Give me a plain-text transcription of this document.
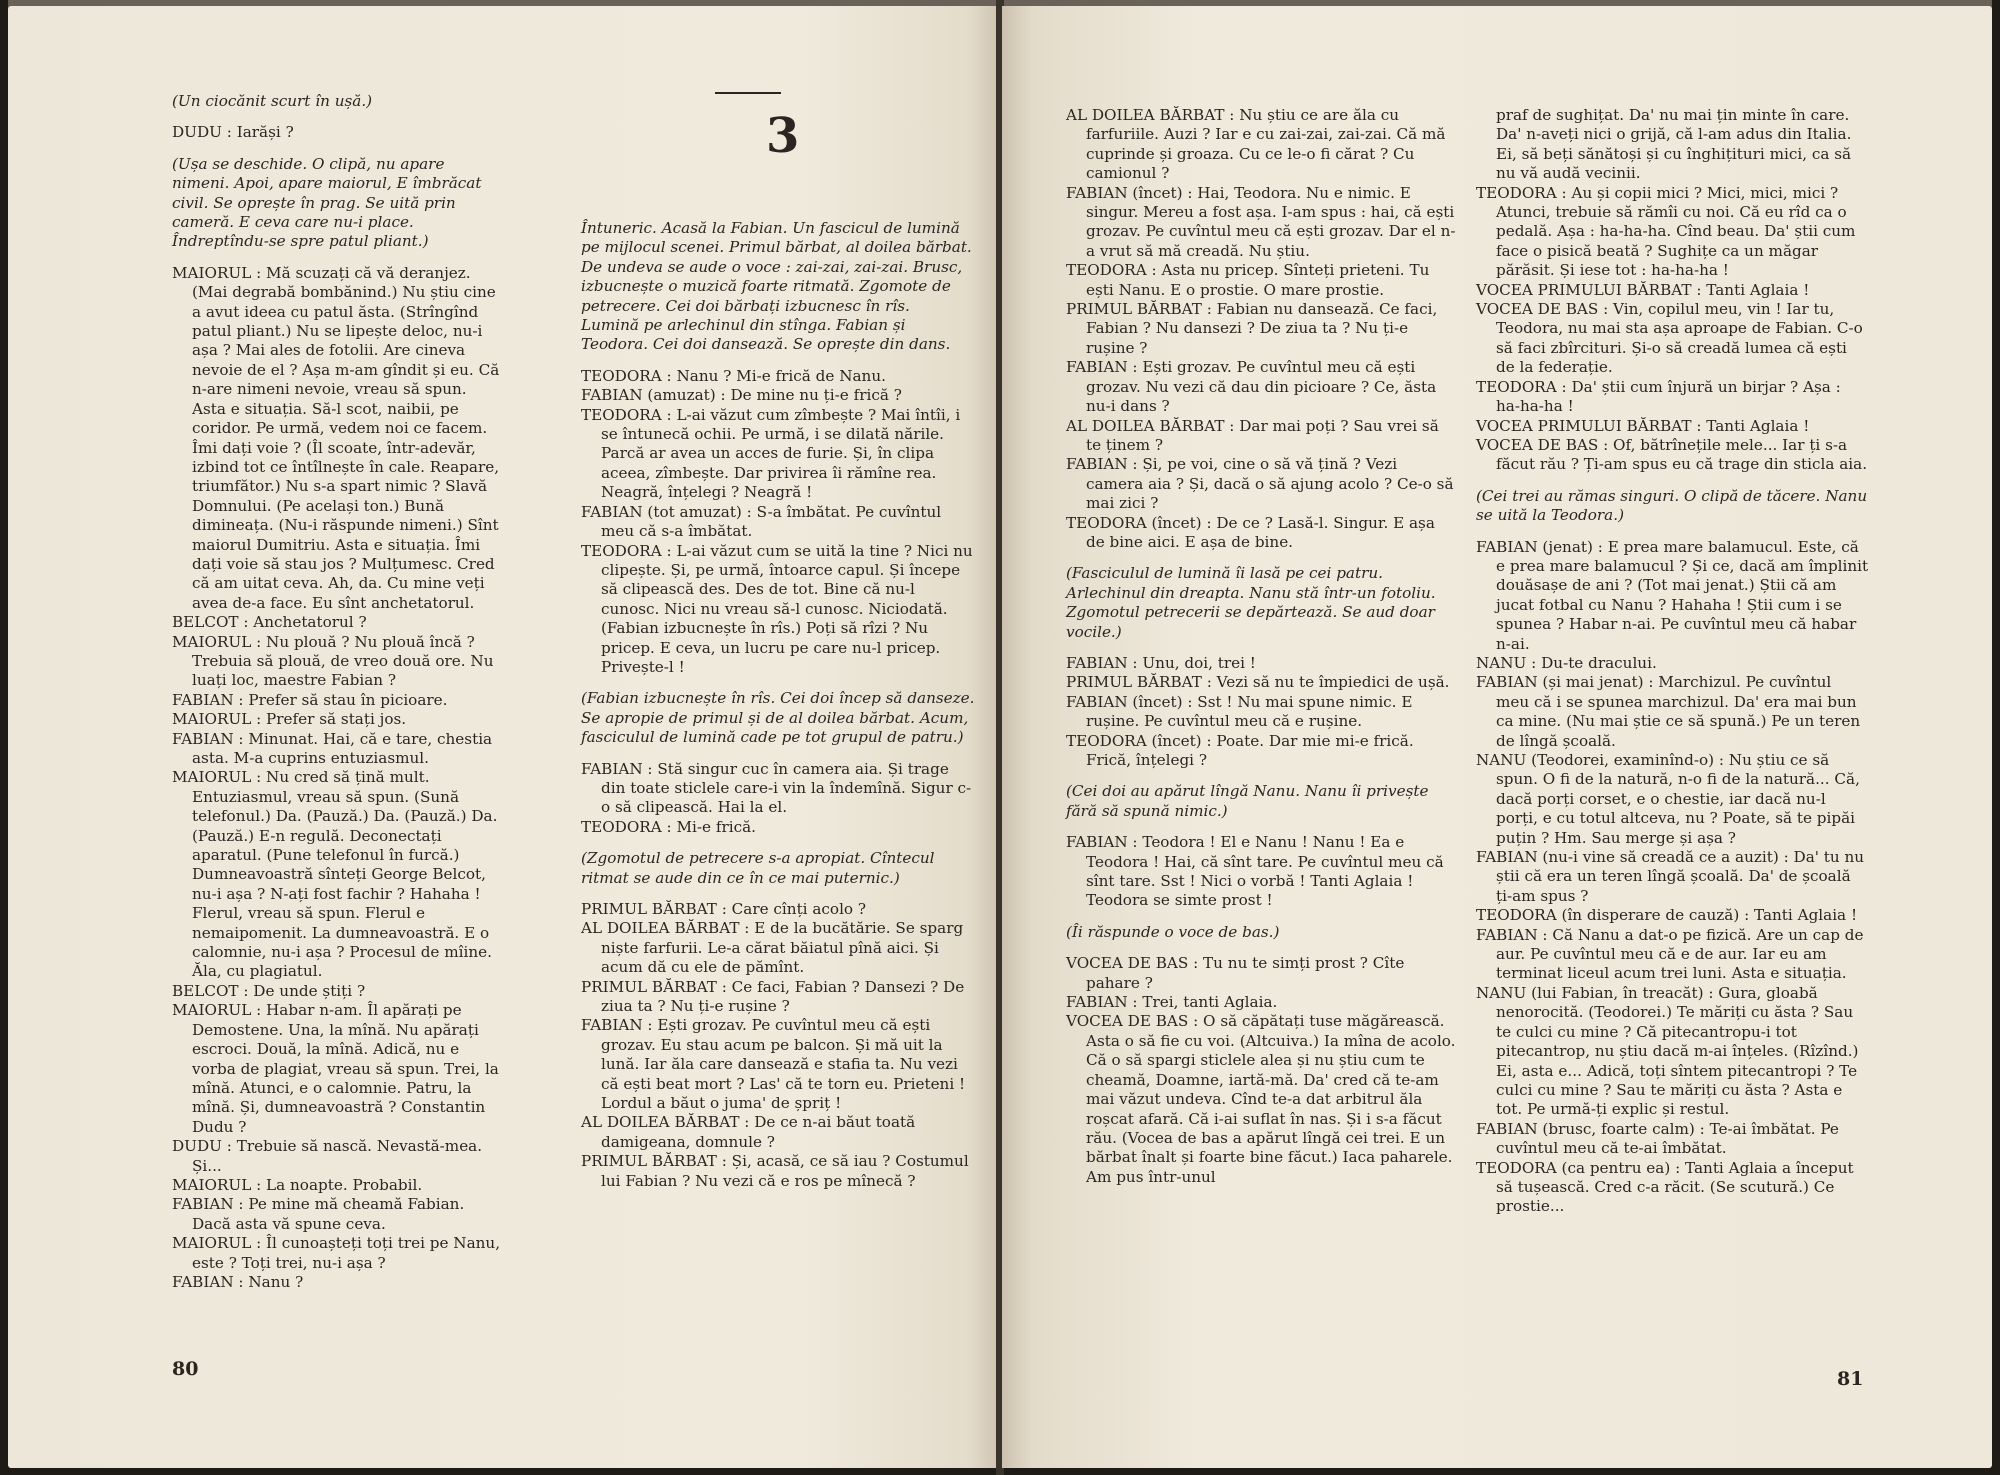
(Un ciocănit scurt în ușă.)

DUDU : Iarăși ?

(Ușa se deschide. O clipă, nu apare nimeni. Apoi, apare maiorul, E îmbrăcat civil. Se oprește în prag. Se uită prin cameră. E ceva care nu-i place. Îndreptîndu-se spre patul pliant.)

MAIORUL : Mă scuzați că vă deranjez. (Mai degrabă bombănind.) Nu știu cine a avut ideea cu patul ăsta. (Strîngînd patul pliant.) Nu se lipește deloc, nu-i așa ? Mai ales de fotolii. Are cineva nevoie de el ? Așa m-am gîndit și eu. Că n-are nimeni nevoie, vreau să spun. Asta e situația. Să-l scot, naibii, pe coridor. Pe urmă, vedem noi ce facem. Îmi dați voie ? (Îl scoate, într-adevăr, izbind tot ce întîlnește în cale. Reapare, triumfător.) Nu s-a spart nimic ? Slavă Domnului. (Pe același ton.) Bună dimineața. (Nu-i răspunde nimeni.) Sînt maiorul Dumitriu. Asta e situația. Îmi dați voie să stau jos ? Mulțumesc. Cred că am uitat ceva. Ah, da. Cu mine veți avea de-a face. Eu sînt anchetatorul.

BELCOT : Anchetatorul ?

MAIORUL : Nu plouă ? Nu plouă încă ? Trebuia să plouă, de vreo două ore. Nu luați loc, maestre Fabian ?

FABIAN : Prefer să stau în picioare.

MAIORUL : Prefer să stați jos.

FABIAN : Minunat. Hai, că e tare, chestia asta. M-a cuprins entuziasmul.

MAIORUL : Nu cred să țină mult. Entuziasmul, vreau să spun. (Sună telefonul.) Da. (Pauză.) Da. (Pauză.) Da. (Pauză.) E-n regulă. Deconectați aparatul. (Pune telefonul în furcă.) Dumneavoastră sînteți George Belcot, nu-i așa ? N-ați fost fachir ? Hahaha ! Flerul, vreau să spun. Flerul e nemaipomenit. La dumneavoastră. E o calomnie, nu-i așa ? Procesul de mîine. Ăla, cu plagiatul.

BELCOT : De unde știți ?

MAIORUL : Habar n-am. Îl apărați pe Demostene. Una, la mînă. Nu apărați escroci. Două, la mînă. Adică, nu e vorba de plagiat, vreau să spun. Trei, la mînă. Atunci, e o calomnie. Patru, la mînă. Și, dumneavoastră ? Constantin Dudu ?

DUDU : Trebuie să nască. Nevastă-mea. Și...

MAIORUL : La noapte. Probabil.

FABIAN : Pe mine mă cheamă Fabian. Dacă asta vă spune ceva.

MAIORUL : Îl cunoașteți toți trei pe Nanu, este ? Toți trei, nu-i așa ?

FABIAN : Nanu ?

3

Întuneric. Acasă la Fabian. Un fascicul de lumină pe mijlocul scenei. Primul bărbat, al doilea bărbat. De undeva se aude o voce : zai-zai, zai-zai. Brusc, izbucnește o muzică foarte ritmată. Zgomote de petrecere. Cei doi bărbați izbucnesc în rîs.

Lumină pe arlechinul din stînga. Fabian și Teodora. Cei doi dansează. Se oprește din dans.

TEODORA : Nanu ? Mi-e frică de Nanu.

FABIAN (amuzat) : De mine nu ți-e frică ?

TEODORA : L-ai văzut cum zîmbește ? Mai întîi, i se întunecă ochii. Pe urmă, i se dilată nările. Parcă ar avea un acces de furie. Și, în clipa aceea, zîmbește. Dar privirea îi rămîne rea. Neagră, înțelegi ? Neagră !

FABIAN (tot amuzat) : S-a îmbătat. Pe cuvîntul meu că s-a îmbătat.

TEODORA : L-ai văzut cum se uită la tine ? Nici nu clipește. Și, pe urmă, întoarce capul. Și începe să clipească des. Des de tot. Bine că nu-l cunosc. Nici nu vreau să-l cunosc. Niciodată. (Fabian izbucnește în rîs.) Poți să rîzi ? Nu pricep. E ceva, un lucru pe care nu-l pricep. Privește-l !

(Fabian izbucnește în rîs. Cei doi încep să danseze. Se apropie de primul și de al doilea bărbat. Acum, fasciculul de lumină cade pe tot grupul de patru.)

FABIAN : Stă singur cuc în camera aia. Și trage din toate sticlele care-i vin la îndemînă. Sigur c-o să clipească. Hai la el.

TEODORA : Mi-e frică.

(Zgomotul de petrecere s-a apropiat. Cîntecul ritmat se aude din ce în ce mai puternic.)

PRIMUL BĂRBAT : Care cînți acolo ?

AL DOILEA BĂRBAT : E de la bucătărie. Se sparg niște farfurii. Le-a cărat băiatul pînă aici. Și acum dă cu ele de pămînt.

PRIMUL BĂRBAT : Ce faci, Fabian ? Dansezi ? De ziua ta ? Nu ți-e rușine ?

FABIAN : Ești grozav. Pe cuvîntul meu că ești grozav. Eu stau acum pe balcon. Și mă uit la lună. Iar ăla care dansează e stafia ta. Nu vezi că ești beat mort ? Las' că te torn eu. Prieteni ! Lordul a băut o juma' de șpriț !

AL DOILEA BĂRBAT : De ce n-ai băut toată damigeana, domnule ?

PRIMUL BĂRBAT : Și, acasă, ce să iau ? Costumul lui Fabian ? Nu vezi că e ros pe mînecă ?

80

AL DOILEA BĂRBAT : Nu știu ce are ăla cu farfuriile. Auzi ? Iar e cu zai-zai, zai-zai. Că mă cuprinde și groaza. Cu ce le-o fi cărat ? Cu camionul ?

FABIAN (încet) : Hai, Teodora. Nu e nimic. E singur. Mereu a fost așa. I-am spus : hai, că ești grozav. Pe cuvîntul meu că ești grozav. Dar el n-a vrut să mă creadă. Nu știu.

TEODORA : Asta nu pricep. Sînteți prieteni. Tu ești Nanu. E o prostie. O mare prostie.

PRIMUL BĂRBAT : Fabian nu dansează. Ce faci, Fabian ? Nu dansezi ? De ziua ta ? Nu ți-e rușine ?

FABIAN : Ești grozav. Pe cuvîntul meu că ești grozav. Nu vezi că dau din picioare ? Ce, ăsta nu-i dans ?

AL DOILEA BĂRBAT : Dar mai poți ? Sau vrei să te ținem ?

FABIAN : Și, pe voi, cine o să vă țină ? Vezi camera aia ? Și, dacă o să ajung acolo ? Ce-o să mai zici ?

TEODORA (încet) : De ce ? Lasă-l. Singur. E așa de bine aici. E așa de bine.

(Fasciculul de lumină îi lasă pe cei patru. Arlechinul din dreapta. Nanu stă într-un fotoliu.

Zgomotul petrecerii se depărtează. Se aud doar vocile.)

FABIAN : Unu, doi, trei !

PRIMUL BĂRBAT : Vezi să nu te împiedici de ușă.

FABIAN (încet) : Sst ! Nu mai spune nimic. E rușine. Pe cuvîntul meu că e rușine.

TEODORA (încet) : Poate. Dar mie mi-e frică. Frică, înțelegi ?

(Cei doi au apărut lîngă Nanu. Nanu îi privește fără să spună nimic.)

FABIAN : Teodora ! El e Nanu ! Nanu ! Ea e Teodora ! Hai, că sînt tare. Pe cuvîntul meu că sînt tare. Sst ! Nici o vorbă ! Tanti Aglaia ! Teodora se simte prost !

(Îi răspunde o voce de bas.)

VOCEA DE BAS : Tu nu te simți prost ? Cîte pahare ?

FABIAN : Trei, tanti Aglaia.

VOCEA DE BAS : O să căpătați tuse măgărească. Asta o să fie cu voi. (Altcuiva.) Ia mîna de acolo. Că o să spargi sticlele alea și nu știu cum te cheamă, Doamne, iartă-mă. Da' cred că te-am mai văzut undeva. Cînd te-a dat arbitrul ăla roșcat afară. Că i-ai suflat în nas. Și i s-a făcut rău. (Vocea de bas a apărut lîngă cei trei. E un bărbat înalt și foarte bine făcut.) Iaca paharele. Am pus într-unul

praf de sughițat. Da' nu mai țin minte în care. Da' n-aveți nici o grijă, că l-am adus din Italia. Ei, să beți sănătoși și cu înghițituri mici, ca să nu vă audă vecinii.

TEODORA : Au și copii mici ? Mici, mici, mici ? Atunci, trebuie să rămîi cu noi. Că eu rîd ca o pedală. Așa : ha-ha-ha. Cînd beau. Da' știi cum face o pisică beată ? Sughițe ca un măgar părăsit. Și iese tot : ha-ha-ha !

VOCEA PRIMULUI BĂRBAT : Tanti Aglaia !

VOCEA DE BAS : Vin, copilul meu, vin ! Iar tu, Teodora, nu mai sta așa aproape de Fabian. C-o să faci zbîrcituri. Și-o să creadă lumea că ești de la federație.

TEODORA : Da' știi cum înjură un birjar ? Așa : ha-ha-ha !

VOCEA PRIMULUI BĂRBAT : Tanti Aglaia !

VOCEA DE BAS : Of, bătrînețile mele... Iar ți s-a făcut rău ? Ți-am spus eu că trage din sticla aia.

(Cei trei au rămas singuri. O clipă de tăcere. Nanu se uită la Teodora.)

FABIAN (jenat) : E prea mare balamucul. Este, că e prea mare balamucul ? Și ce, dacă am împlinit douăsașe de ani ? (Tot mai jenat.) Știi că am jucat fotbal cu Nanu ? Hahaha ! Știi cum i se spunea ? Habar n-ai. Pe cuvîntul meu că habar n-ai.

NANU : Du-te dracului.

FABIAN (și mai jenat) : Marchizul. Pe cuvîntul meu că i se spunea marchizul. Da' era mai bun ca mine. (Nu mai știe ce să spună.) Pe un teren de lîngă școală.

NANU (Teodorei, examinînd-o) : Nu știu ce să spun. O fi de la natură, n-o fi de la natură... Că, dacă porți corset, e o chestie, iar dacă nu-l porți, e cu totul altceva, nu ? Poate, să te pipăi puțin ? Hm. Sau merge și așa ?

FABIAN (nu-i vine să creadă ce a auzit) : Da' tu nu știi că era un teren lîngă școală. Da' de școală ți-am spus ?

TEODORA (în disperare de cauză) : Tanti Aglaia !

FABIAN : Că Nanu a dat-o pe fizică. Are un cap de aur. Pe cuvîntul meu că e de aur. Iar eu am terminat liceul acum trei luni. Asta e situația.

NANU (lui Fabian, în treacăt) : Gura, gloabă nenorocită. (Teodorei.) Te măriți cu ăsta ? Sau te culci cu mine ? Că pitecantropu-i tot pitecantrop, nu știu dacă m-ai înțeles. (Rîzînd.) Ei, asta e... Adică, toți sîntem pitecantropi ? Te culci cu mine ? Sau te măriți cu ăsta ? Asta e tot. Pe urmă-ți explic și restul.

FABIAN (brusc, foarte calm) : Te-ai îmbătat. Pe cuvîntul meu că te-ai îmbătat.

TEODORA (ca pentru ea) : Tanti Aglaia a început să tușească. Cred c-a răcit. (Se scutură.) Ce prostie...

81
